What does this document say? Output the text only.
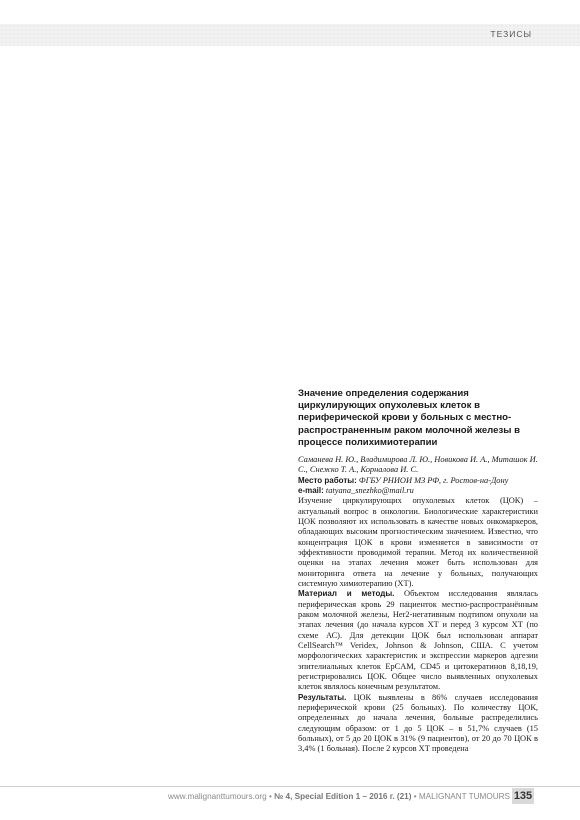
ТЕЗИСЫ
Значение определения содержания циркулирующих опухолевых клеток в периферической крови у больных с местно-распространенным раком молочной железы в процессе полихимиотерапии

Саманева Н. Ю., Владимирова Л. Ю., Новикова И. А., Миташок И. С., Снежко Т. А., Корналова И. С.

Место работы: ФГБУ РНИОИ МЗ РФ, г. Ростов-на-Дону

e-mail: tatyana_snezhko@mail.ru

Изучение циркулирующих опухолевых клеток (ЦОК) – актуальный вопрос в онкологии. Биологические характеристики ЦОК позволяют их использовать в качестве новых онкомаркеров, обладающих высоким прогностическим значением. Известно, что концентрация ЦОК в крови изменяется в зависимости от эффективности проводимой терапии. Метод их количественной оценки на этапах лечения может быть использован для мониторинга ответа на лечение у больных, получающих системную химиотерапию (ХТ).

Материал и методы. Объектом исследования являлась периферическая кровь 29 пациенток местно-распространённым раком молочной железы, Her2-негативным подтипом опухоли на этапах лечения (до начала курсов ХТ и перед 3 курсом ХТ (по схеме АС). Для детекции ЦОК был использован аппарат CellSearch™ Veridex, Johnson & Johnson, США. С учетом морфологических характеристик и экспрессии маркеров адгезии эпителиальных клеток EpCAM, CD45 и цитокератинов 8,18,19, регистрировались ЦОК. Общее число выявленных опухолевых клеток являлось конечным результатом.

Результаты. ЦОК выявлены в 86% случаев исследования периферической крови (25 больных). По количеству ЦОК, определенных до начала лечения, больные распределились следующим образом: от 1 до 5 ЦОК – в 51,7% случаев (15 больных), от 5 до 20 ЦОК в 31% (9 пациентов), от 20 до 70 ЦОК в 3,4% (1 больная). После 2 курсов ХТ проведена

www.malignanttumours.org • № 4, Special Edition 1 – 2016 г. (21) • MALIGNANT TUMOURS 135
